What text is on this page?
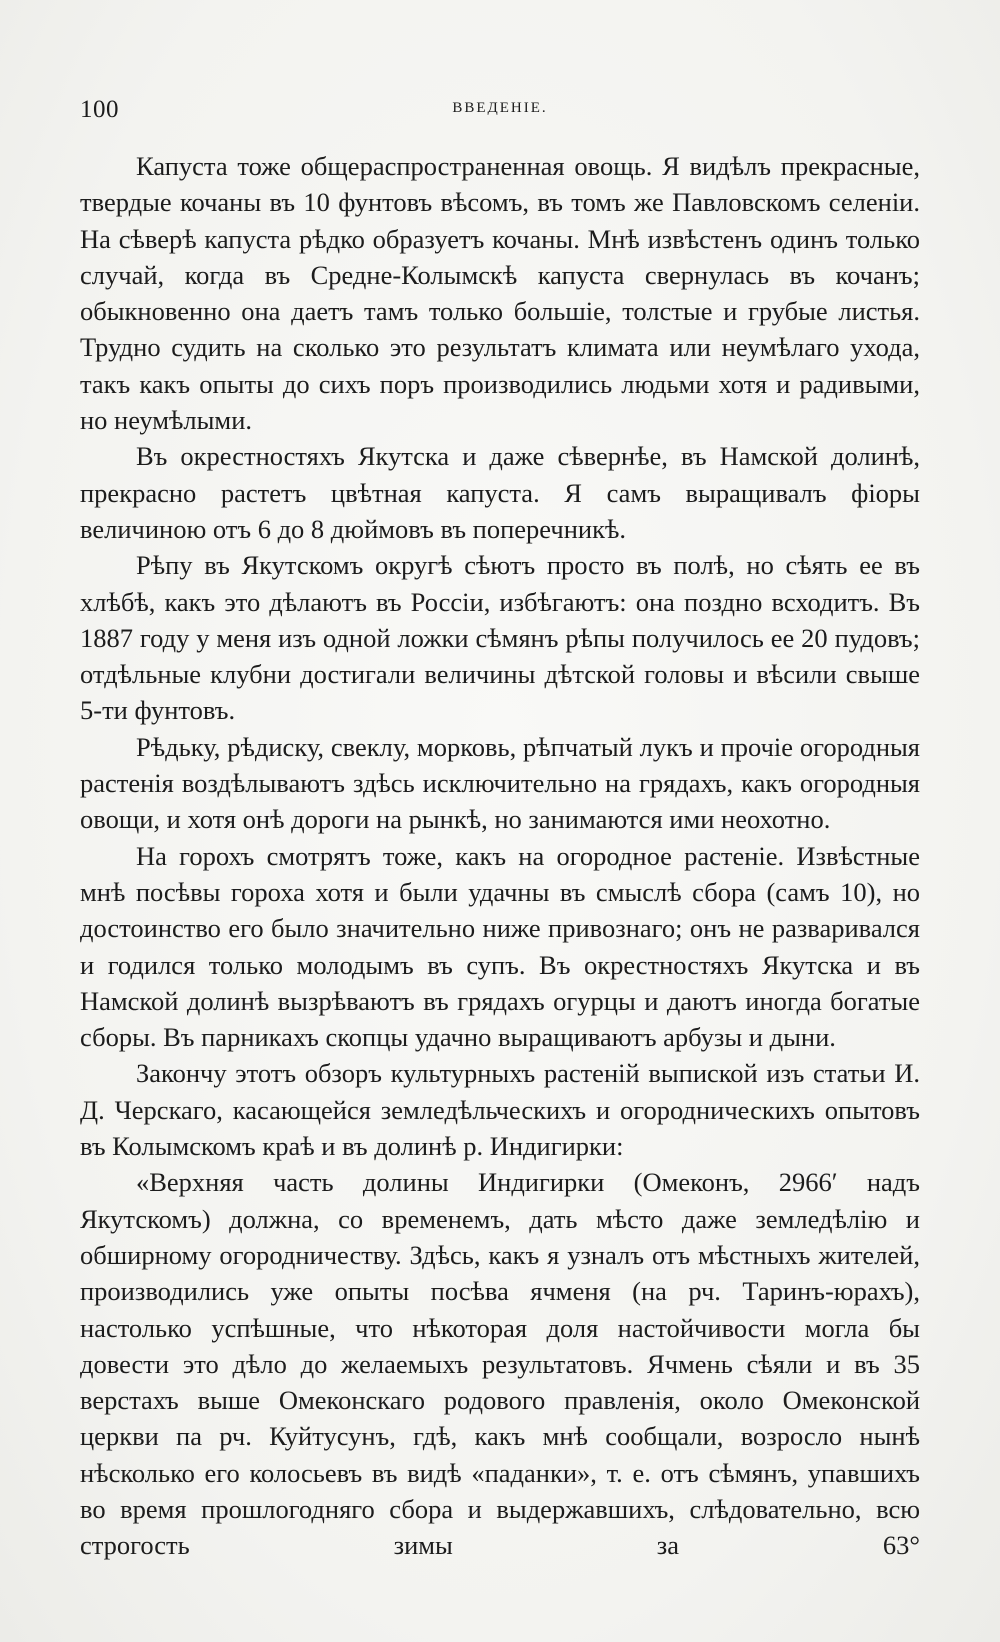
100	ВВЕДЕНІЕ.

Капуста тоже общераспространенная овощь. Я видѣлъ прекрасные, твердые кочаны въ 10 фунтовъ вѣсомъ, въ томъ же Павловскомъ селеніи. На сѣверѣ капуста рѣдко образуетъ кочаны. Мнѣ извѣстенъ одинъ только случай, когда въ Средне-Колымскѣ капуста свернулась въ кочанъ; обыкновенно она даетъ тамъ только большіе, толстые и грубые листья. Трудно судить на сколько это результатъ климата или неумѣлаго ухода, такъ какъ опыты до сихъ поръ производились людьми хотя и радивыми, но неумѣлыми.

Въ окрестностяхъ Якутска и даже сѣвернѣе, въ Намской долинѣ, прекрасно растетъ цвѣтная капуста. Я самъ выращивалъ фіоры величиною отъ 6 до 8 дюймовъ въ поперечникѣ.

Рѣпу въ Якутскомъ округѣ сѣютъ просто въ полѣ, но сѣять ее въ хлѣбѣ, какъ это дѣлаютъ въ Россіи, избѣгаютъ: она поздно всходитъ. Въ 1887 году у меня изъ одной ложки сѣмянъ рѣпы получилось ее 20 пудовъ; отдѣльные клубни достигали величины дѣтской головы и вѣсили свыше 5-ти фунтовъ.

Рѣдьку, рѣдиску, свеклу, морковь, рѣпчатый лукъ и прочіе огородныя растенія воздѣлываютъ здѣсь исключительно на грядахъ, какъ огородныя овощи, и хотя онѣ дороги на рынкѣ, но занимаются ими неохотно.

На горохъ смотрятъ тоже, какъ на огородное растеніе. Извѣстные мнѣ посѣвы гороха хотя и были удачны въ смыслѣ сбора (самъ 10), но достоинство его было значительно ниже привознаго; онъ не разваривался и годился только молодымъ въ супъ. Въ окрестностяхъ Якутска и въ Намской долинѣ вызрѣваютъ въ грядахъ огурцы и даютъ иногда богатые сборы. Въ парникахъ скопцы удачно выращиваютъ арбузы и дыни.

Закончу этотъ обзоръ культурныхъ растеній выпиской изъ статьи И. Д. Черскаго, касающейся земледѣльческихъ и огородническихъ опытовъ въ Колымскомъ краѣ и въ долинѣ р. Индигирки:

«Верхняя часть долины Индигирки (Омеконъ, 2966′ надъ Якутскомъ) должна, со временемъ, дать мѣсто даже земледѣлію и обширному огородничеству. Здѣсь, какъ я узналъ отъ мѣстныхъ жителей, производились уже опыты посѣва ячменя (на рч. Таринъ-юрахъ), настолько успѣшные, что нѣкоторая доля настойчивости могла бы довести это дѣло до желаемыхъ результатовъ. Ячмень сѣяли и въ 35 верстахъ выше Омеконскаго родового правленія, около Омеконской церкви па рч. Куйтусунъ, гдѣ, какъ мнѣ сообщали, возросло нынѣ нѣсколько его колосьевъ въ видѣ «паданки», т. е. отъ сѣмянъ, упавшихъ во время прошлогодняго сбора и выдержавшихъ, слѣдовательно, всю строгость зимы за 63°
